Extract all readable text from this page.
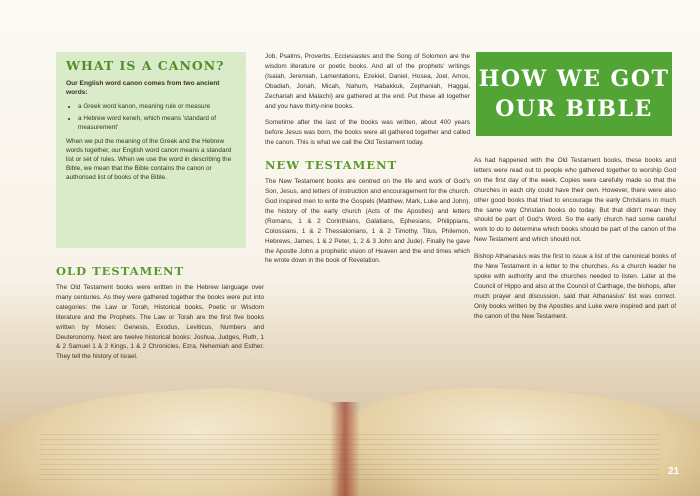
WHAT IS A CANON?

Our English word canon comes from two ancient words:

• a Greek word kanon, meaning rule or measure
• a Hebrew word keneh, which means 'standard of measurement'

When we put the meaning of the Greek and the Hebrew words together, our English word canon means a standard list or set of rules. When we use the word in describing the Bible, we mean that the Bible contains the canon or authorised list of books of the Bible.

OLD TESTAMENT

The Old Testament books were written in the Hebrew language over many centuries. As they were gathered together the books were put into categories: the Law or Torah, Historical books, Poetic or Wisdom literature and the Prophets. The Law or Torah are the first five books written by Moses: Genesis, Exodus, Leviticus, Numbers and Deuteronomy. Next are twelve historical books: Joshua, Judges, Ruth, 1 & 2 Samuel 1 & 2 Kings, 1 & 2 Chronicles, Ezra, Nehemiah and Esther. They tell the history of Israel.

Job, Psalms, Proverbs, Ecclesiastes and the Song of Solomon are the wisdom literature or poetic books. And all of the prophets' writings (Isaiah, Jeremiah, Lamentations, Ezekiel, Daniel, Hosea, Joel, Amos, Obadiah, Jonah, Micah, Nahum, Habakkuk, Zephaniah, Haggai, Zechariah and Malachi) are gathered at the end. Put these all together and you have thirty-nine books.

Sometime after the last of the books was written, about 400 years before Jesus was born, the books were all gathered together and called the canon. This is what we call the Old Testament today.

NEW TESTAMENT

The New Testament books are centred on the life and work of God's Son, Jesus, and letters of instruction and encouragement for the church. God inspired men to write the Gospels (Matthew, Mark, Luke and John), the history of the early church (Acts of the Apostles) and letters (Romans, 1 & 2 Corinthians, Galatians, Ephesians, Philippians, Colossians, 1 & 2 Thessalonians, 1 & 2 Timothy, Titus, Philemon, Hebrews, James, 1 & 2 Peter, 1, 2 & 3 John and Jude). Finally he gave the Apostle John a prophetic vision of Heaven and the end times which he wrote down in the book of Revelation.

HOW WE GOT
OUR BIBLE

As had happened with the Old Testament books, these books and letters were read out to people who gathered together to worship God on the first day of the week. Copies were carefully made so that the churches in each city could have their own. However, there were also other good books that tried to encourage the early Christians in much the same way Christian books do today. But that didn't mean they should be part of God's Word. So the early church had some careful work to do to determine which books should be part of the canon of the New Testament and which should not.

Bishop Athanasius was the first to issue a list of the canonical books of the New Testament in a letter to the churches. As a church leader he spoke with authority and the churches needed to listen. Later at the Council of Hippo and also at the Council of Carthage, the bishops, after much prayer and discussion, said that Athanasius' list was correct. Only books written by the Apostles and Luke were inspired and part of the canon of the New Testament.

21
